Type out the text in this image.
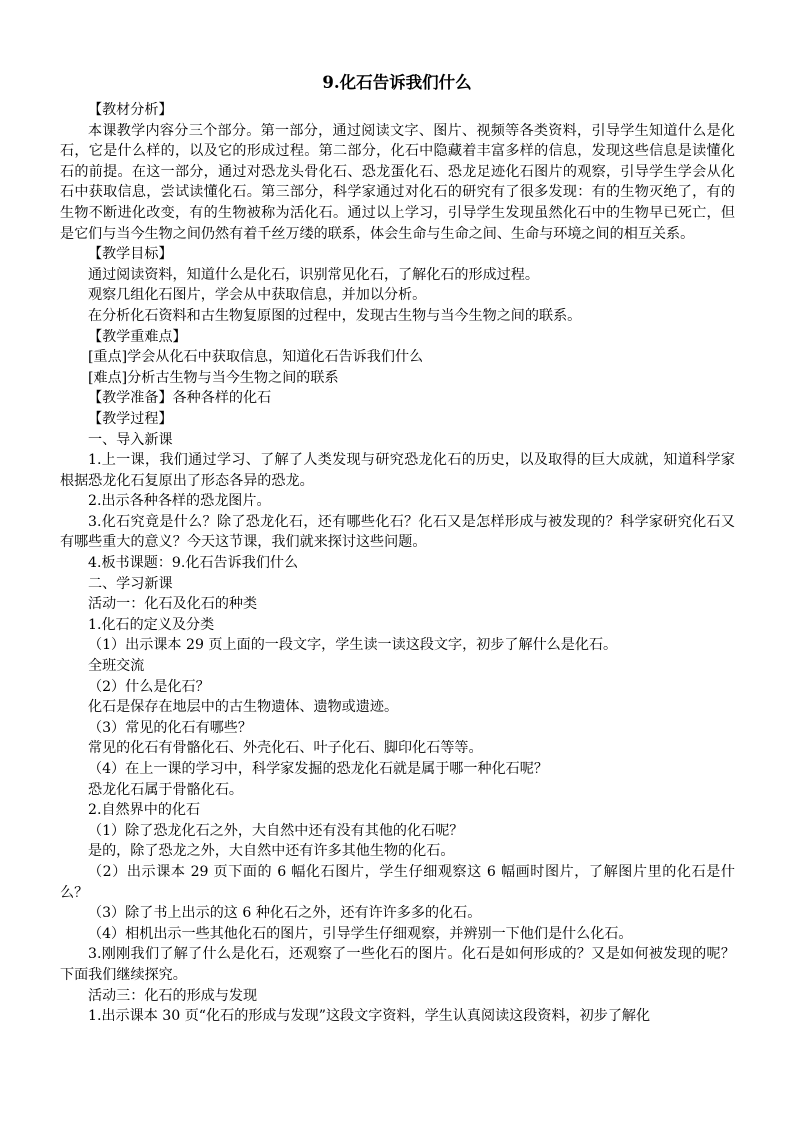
9.化石告诉我们什么

【教材分析】

本课教学内容分三个部分。第一部分，通过阅读文字、图片、视频等各类资料，引导学生知道什么是化石，它是什么样的，以及它的形成过程。第二部分，化石中隐藏着丰富多样的信息，发现这些信息是读懂化石的前提。在这一部分，通过对恐龙头骨化石、恐龙蛋化石、恐龙足迹化石图片的观察，引导学生学会从化石中获取信息，尝试读懂化石。第三部分，科学家通过对化石的研究有了很多发现：有的生物灭绝了，有的生物不断进化改变，有的生物被称为活化石。通过以上学习，引导学生发现虽然化石中的生物早已死亡，但是它们与当今生物之间仍然有着千丝万缕的联系，体会生命与生命之间、生命与环境之间的相互关系。

【教学目标】

通过阅读资料，知道什么是化石，识别常见化石，了解化石的形成过程。

观察几组化石图片，学会从中获取信息，并加以分析。

在分析化石资料和古生物复原图的过程中，发现古生物与当今生物之间的联系。

【教学重难点】

[重点]学会从化石中获取信息，知道化石告诉我们什么

[难点]分析古生物与当今生物之间的联系

【教学准备】各种各样的化石

【教学过程】

一、导入新课

1.上一课，我们通过学习、了解了人类发现与研究恐龙化石的历史，以及取得的巨大成就，知道科学家根据恐龙化石复原出了形态各异的恐龙。

2.出示各种各样的恐龙图片。

3.化石究竟是什么？除了恐龙化石，还有哪些化石？化石又是怎样形成与被发现的？科学家研究化石又有哪些重大的意义？今天这节课，我们就来探讨这些问题。

4.板书课题：9.化石告诉我们什么

二、学习新课

活动一：化石及化石的种类

1.化石的定义及分类

（1）出示课本 29 页上面的一段文字，学生读一读这段文字，初步了解什么是化石。

全班交流

（2）什么是化石？

化石是保存在地层中的古生物遗体、遗物或遗迹。

（3）常见的化石有哪些？

常见的化石有骨骼化石、外壳化石、叶子化石、脚印化石等等。

（4）在上一课的学习中，科学家发掘的恐龙化石就是属于哪一种化石呢？

恐龙化石属于骨骼化石。

2.自然界中的化石

（1）除了恐龙化石之外，大自然中还有没有其他的化石呢？

是的，除了恐龙之外，大自然中还有许多其他生物的化石。

（2）出示课本 29 页下面的 6 幅化石图片，学生仔细观察这 6 幅画时图片，了解图片里的化石是什么？

（3）除了书上出示的这 6 种化石之外，还有许许多多的化石。

（4）相机出示一些其他化石的图片，引导学生仔细观察，并辨别一下他们是什么化石。

3.刚刚我们了解了什么是化石，还观察了一些化石的图片。化石是如何形成的？又是如何被发现的呢？下面我们继续探究。

活动三：化石的形成与发现

1.出示课本 30 页“化石的形成与发现”这段文字资料，学生认真阅读这段资料，初步了解化
